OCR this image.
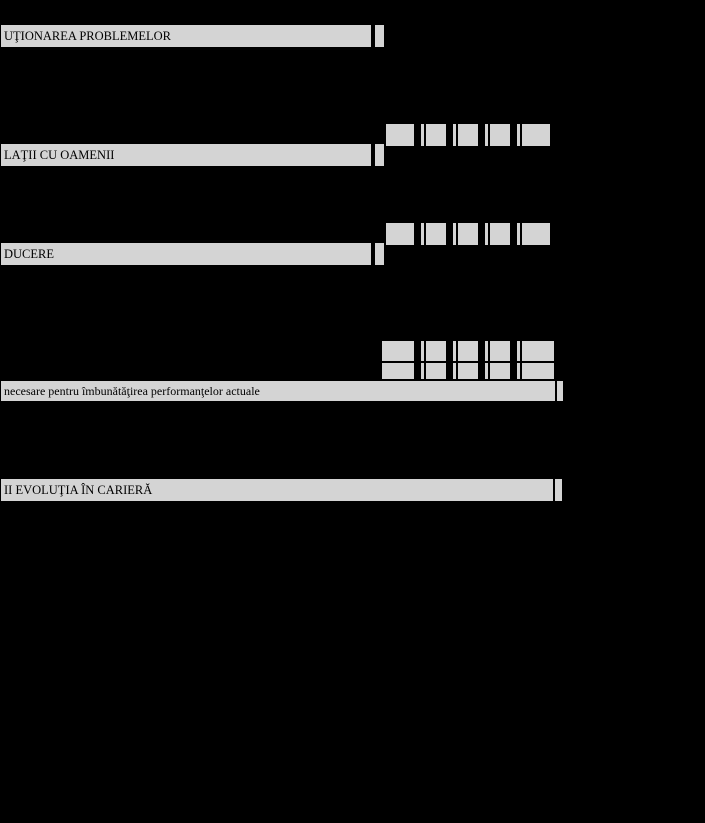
UŢIONAREA PROBLEMELOR
LAŢII CU OAMENII
DUCERE
necesare pentru îmbunătăţirea performanţelor actuale
II EVOLUŢIA ÎN CARIERĂ
